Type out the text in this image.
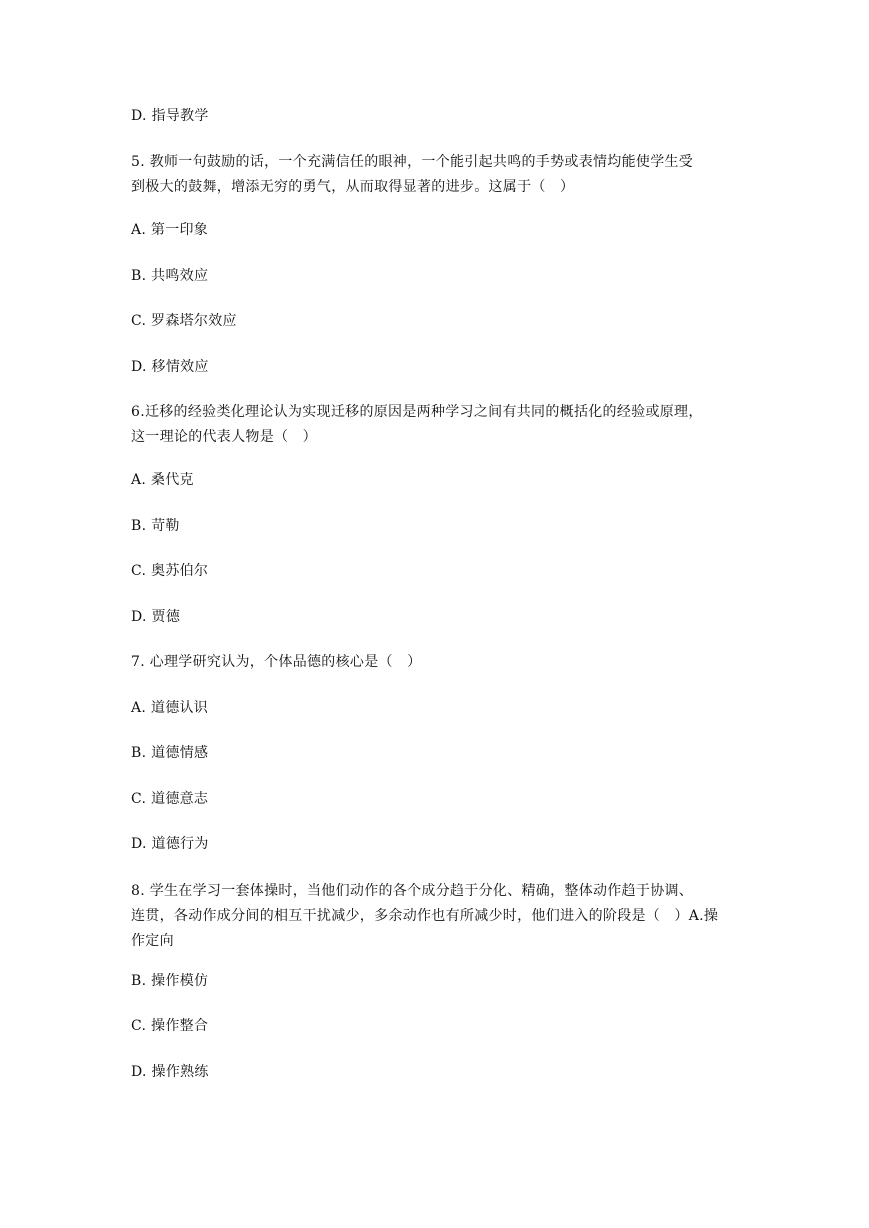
D. 指导教学
5. 教师一句鼓励的话，一个充满信任的眼神，一个能引起共鸣的手势或表情均能使学生受
到极大的鼓舞，增添无穷的勇气，从而取得显著的进步。这属于（　）
A. 第一印象
B. 共鸣效应
C. 罗森塔尔效应
D. 移情效应
6.迁移的经验类化理论认为实现迁移的原因是两种学习之间有共同的概括化的经验或原理，
这一理论的代表人物是（　）
A. 桑代克
B. 苛勒
C. 奥苏伯尔
D. 贾德
7. 心理学研究认为，个体品德的核心是（　）
A. 道德认识
B. 道德情感
C. 道德意志
D. 道德行为
8. 学生在学习一套体操时，当他们动作的各个成分趋于分化、精确，整体动作趋于协调、
连贯，各动作成分间的相互干扰减少，多余动作也有所减少时，他们进入的阶段是（　）A.操
作定向
B. 操作模仿
C. 操作整合
D. 操作熟练
